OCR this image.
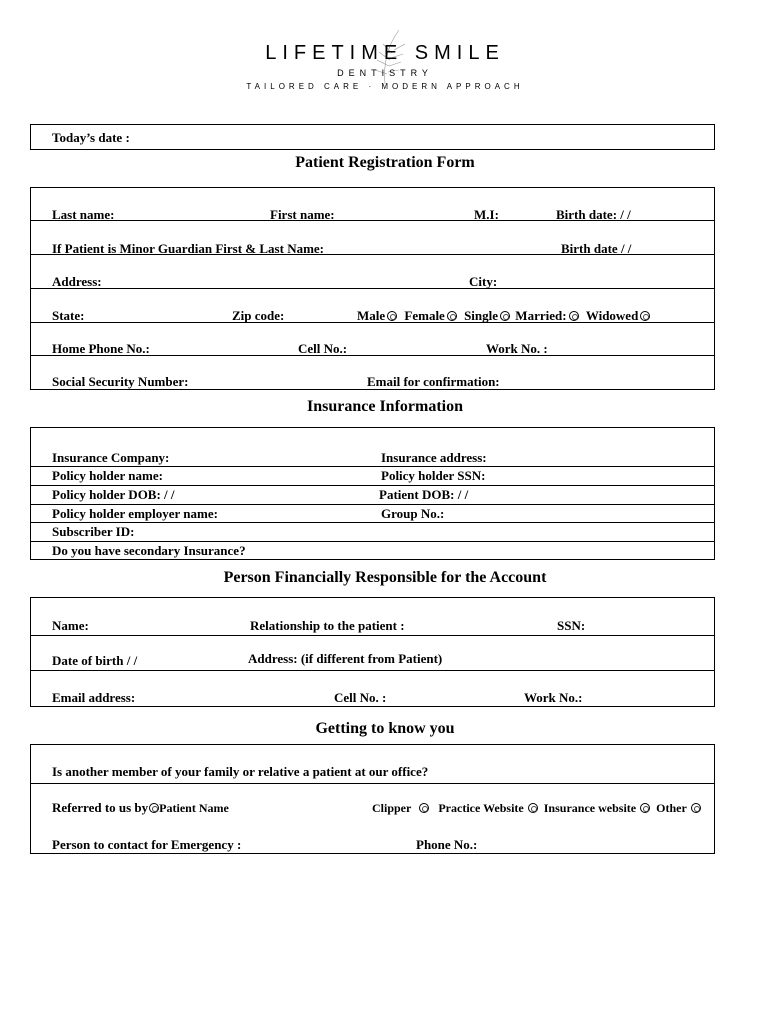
LIFETIME SMILE
DENTISTRY
TAILORED CARE · MODERN APPROACH
Today’s date :
Patient Registration Form
Last name:	First name:	M.I:	Birth date: / /
If Patient is Minor Guardian First & Last Name:	Birth date / /
Address:	City:
State:	Zip code:	Male Female Single Married: Widowed
Home Phone No.:	Cell No.:	Work No. :
Social Security Number:	Email for confirmation:
Insurance Information
Insurance Company:	Insurance address:
Policy holder name:	Policy holder SSN:
Policy holder DOB: / /	Patient DOB: / /
Policy holder employer name:	Group No.:
Subscriber ID:
Do you have secondary Insurance?
Person Financially Responsible for the Account
Name:	Relationship to the patient :	SSN:
Date of birth / /	Address: (if different from Patient)
Email address:	Cell No. :	Work No.:
Getting to know you
Is another member of your family or relative a patient at our office?
Referred to us by Patient Name	Clipper Practice Website Insurance website Other
Person to contact for Emergency :	Phone No.:
